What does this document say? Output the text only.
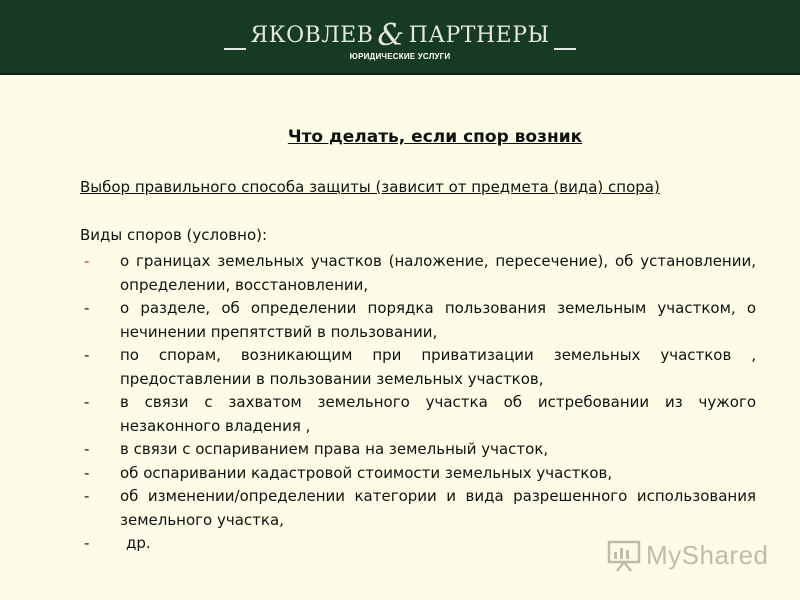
ЯКОВЛЕВ & ПАРТНЕРЫ
ЮРИДИЧЕСКИЕ УСЛУГИ
Что делать, если спор возник
Выбор правильного способа защиты (зависит от предмета (вида) спора)
Виды споров (условно):
- о границах земельных участков (наложение, пересечение), об установлении, определении, восстановлении,
- о разделе, об определении порядка пользования земельным участком, о нечинении препятствий в пользовании,
- по спорам, возникающим при приватизации земельных участков , предоставлении в пользовании земельных участков,
- в связи с захватом земельного участка об истребовании из чужого незаконного владения ,
- в связи с оспариванием права на земельный участок,
- об оспаривании кадастровой стоимости земельных участков,
- об изменении/определении категории и вида разрешенного использования земельного участка,
- др.	MyShared
